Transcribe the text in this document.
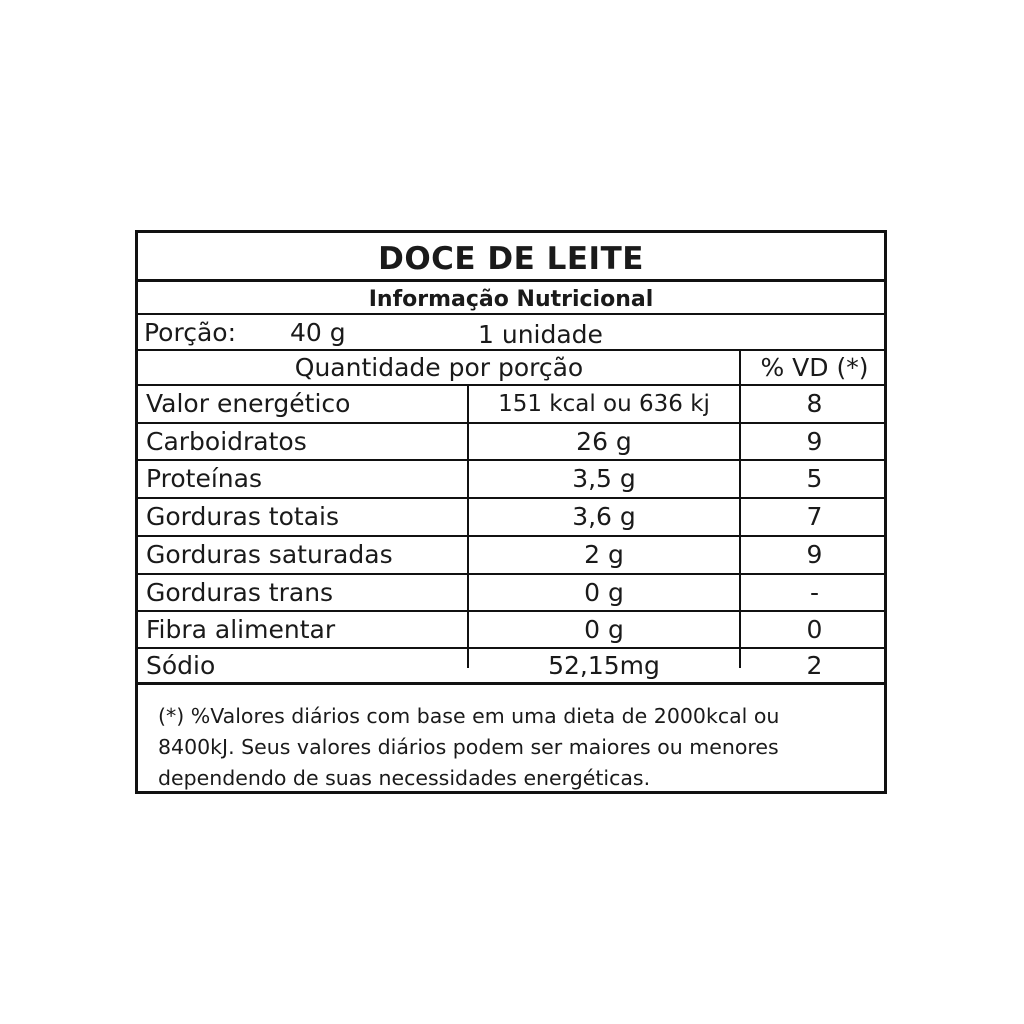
DOCE DE LEITE
Informação Nutricional
Porção: 40 g	1 unidade
Quantidade por porção	% VD (*)
Valor energético	151 kcal ou 636 kj	8
Carboidratos	26 g	9
Proteínas	3,5 g	5
Gorduras totais	3,6 g	7
Gorduras saturadas	2 g	9
Gorduras trans	0 g	-
Fibra alimentar	0 g	0
Sódio	52,15mg	2
(*) %Valores diários com base em uma dieta de 2000kcal ou
8400kJ. Seus valores diários podem ser maiores ou menores
dependendo de suas necessidades energéticas.
